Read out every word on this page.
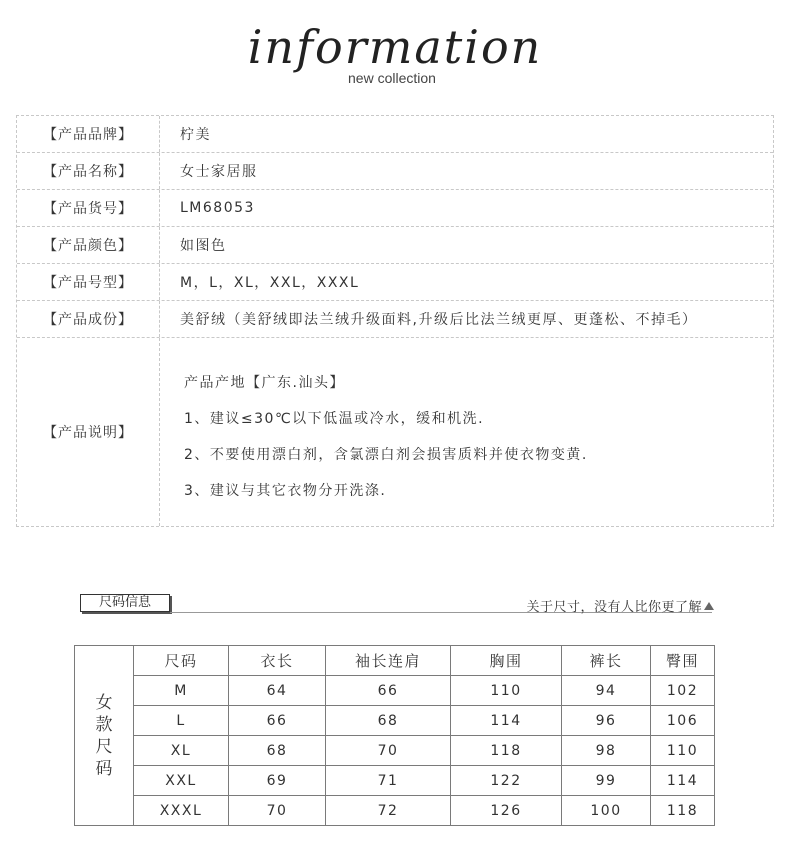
information
new collection
【产品品牌】	柠美
【产品名称】	女士家居服
【产品货号】	LM68053
【产品颜色】	如图色
【产品号型】	M，L，XL，XXL，XXXL
【产品成份】	美舒绒（美舒绒即法兰绒升级面料,升级后比法兰绒更厚、更蓬松、不掉毛）
【产品说明】
产品产地【广东.汕头】
1、建议≤30℃以下低温或冷水，缓和机洗.
2、不要使用漂白剂，含氯漂白剂会损害质料并使衣物变黄.
3、建议与其它衣物分开洗涤.
尺码信息	关于尺寸，没有人比你更了解
女
款
尺
码	尺码	衣长	袖长连肩	胸围	裤长	臀围
	M	64	66	110	94	102
	L	66	68	114	96	106
	XL	68	70	118	98	110
	XXL	69	71	122	99	114
	XXXL	70	72	126	100	118
